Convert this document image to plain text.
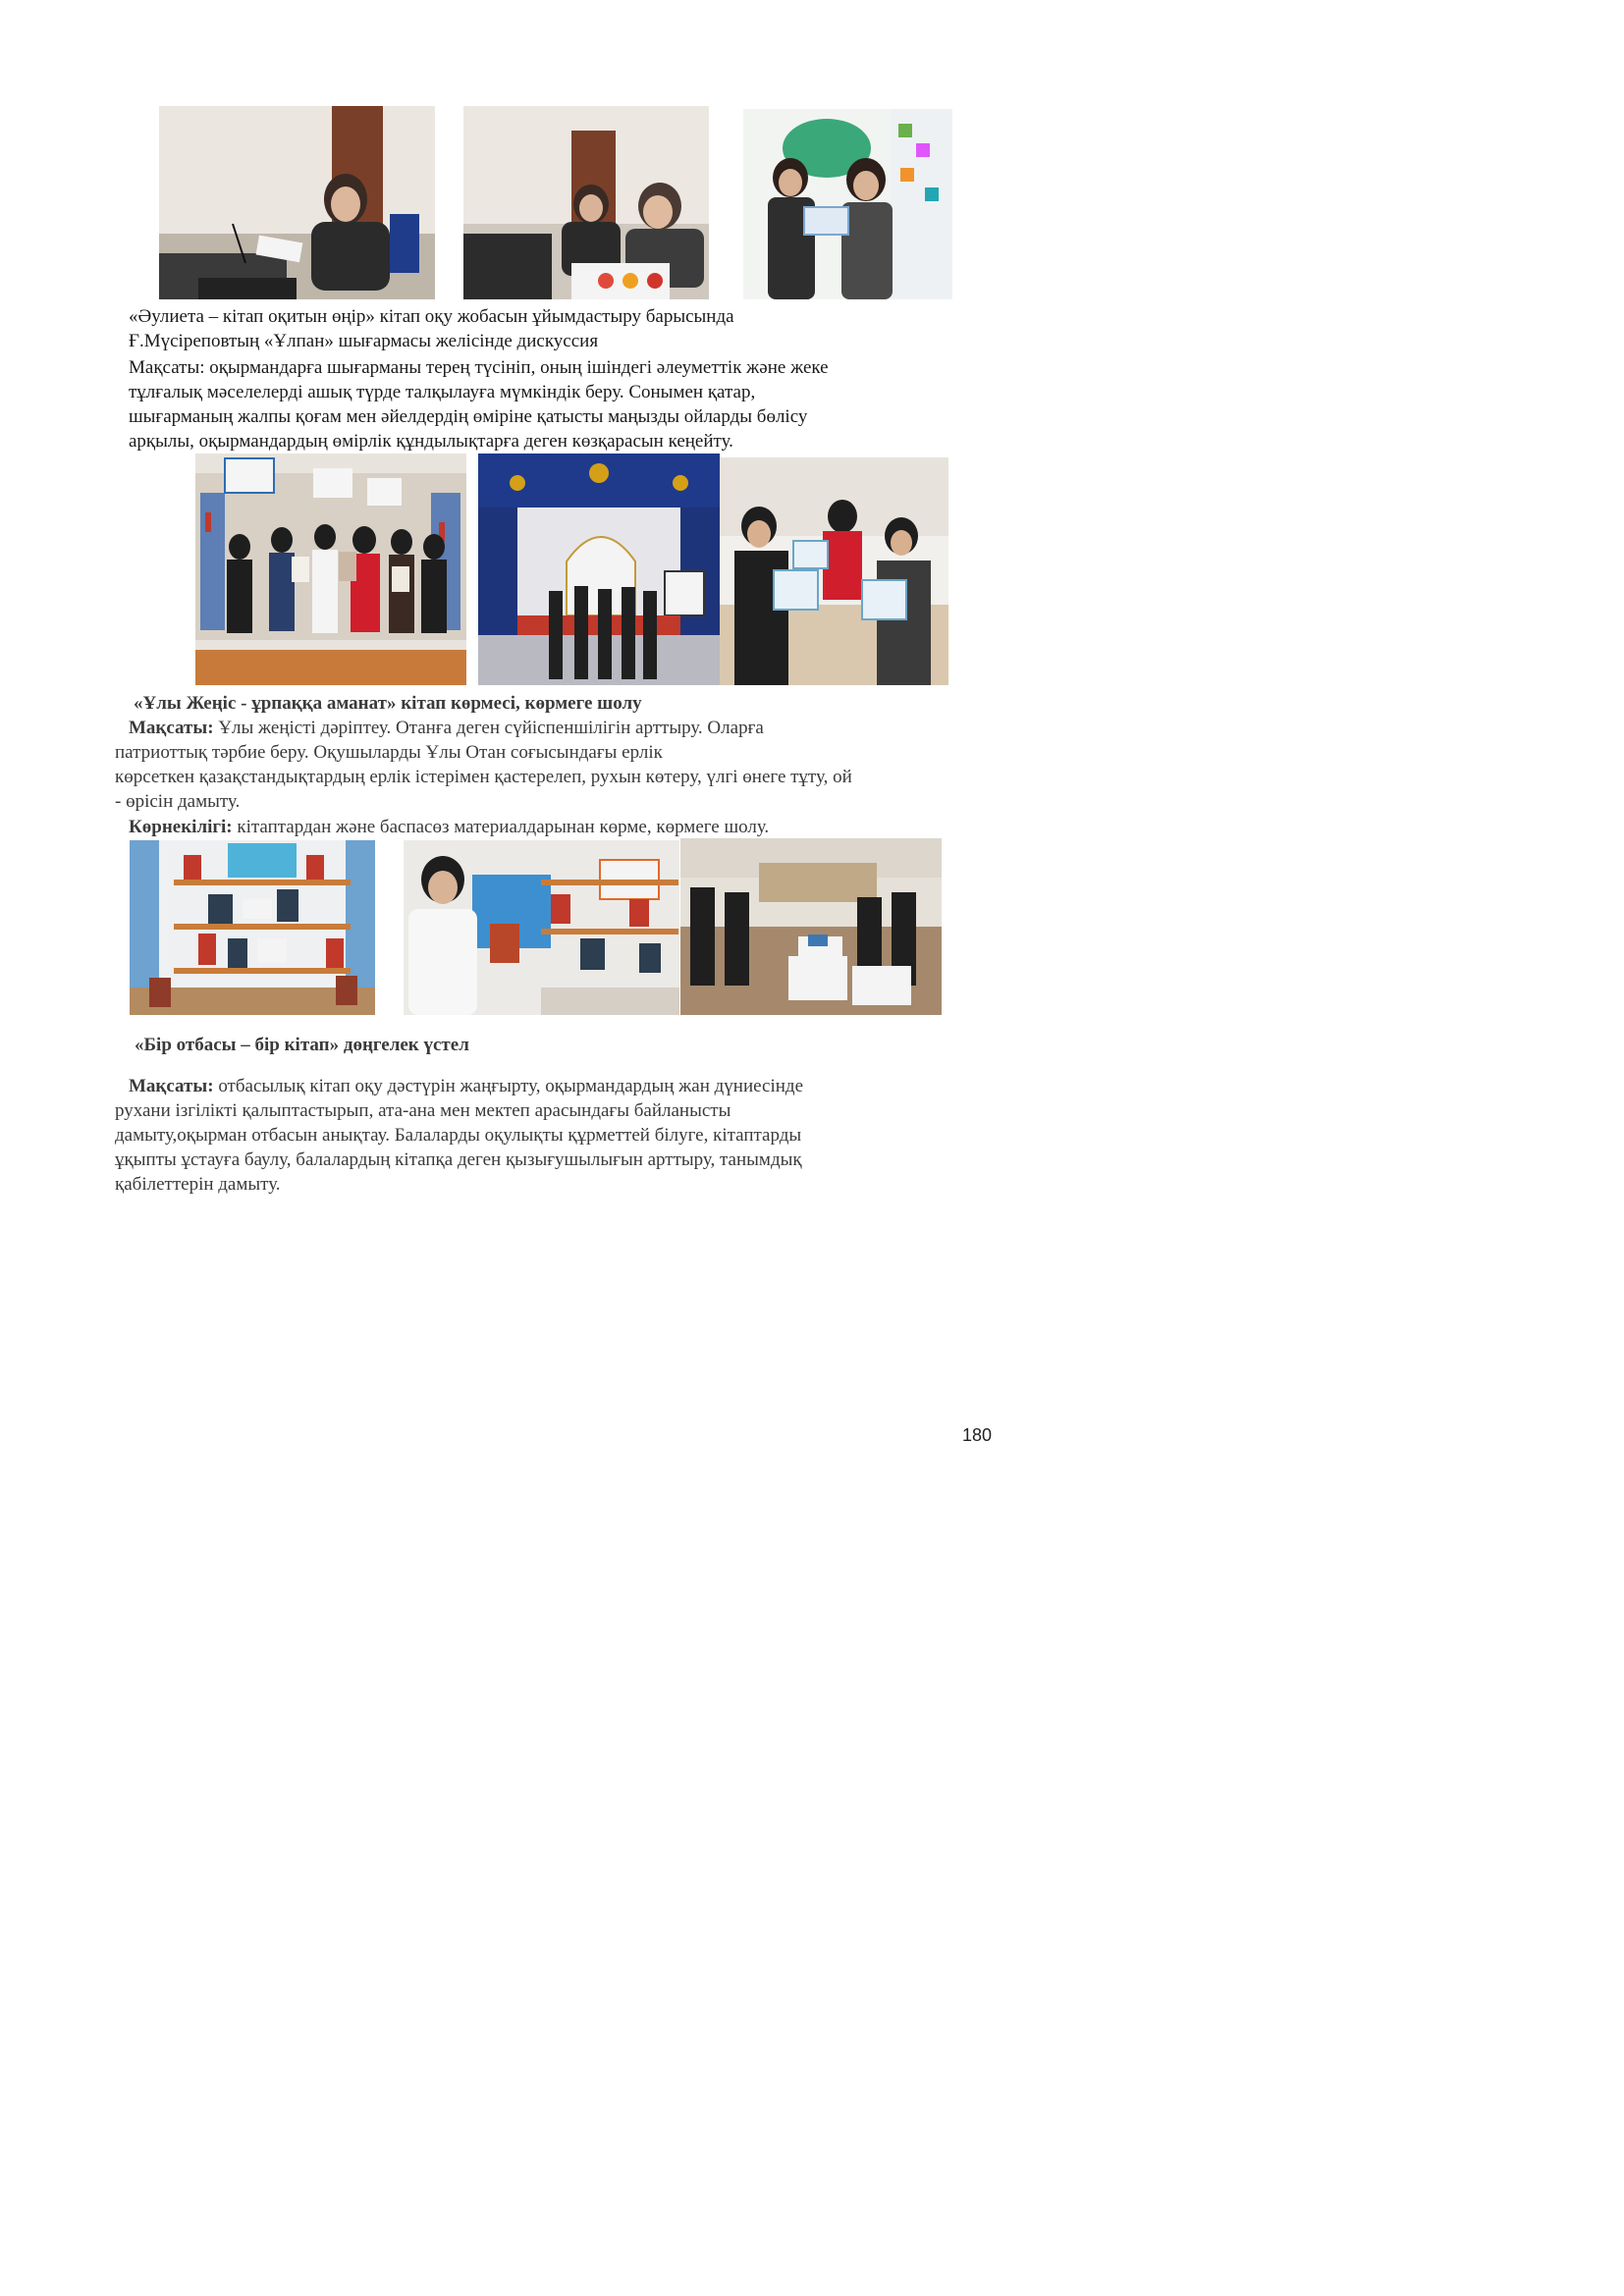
«Әулиета – кітап оқитын өңір» кітап оқу жобасын ұйымдастыру барысында

Ғ.Мүсіреповтың «Ұлпан» шығармасы желісінде дискуссия

Мақсаты: оқырмандарға шығарманы терең түсініп, оның ішіндегі әлеуметтік және жеке

тұлғалық мәселелерді ашық түрде талқылауға мүмкіндік беру. Сонымен қатар,

шығарманың жалпы қоғам мен әйелдердің өміріне қатысты маңызды ойларды бөлісу

арқылы, оқырмандардың өмірлік құндылықтарға деген көзқарасын кеңейту.

«Ұлы Жеңіс - ұрпаққа аманат» кітап көрмесі, көрмеге шолу

Мақсаты: Ұлы жеңісті дәріптеу. Отанға деген сүйіспеншілігін арттыру. Оларға

патриоттық тәрбие беру. Оқушыларды Ұлы Отан соғысындағы ерлік

көрсеткен қазақстандықтардың ерлік істерімен қастерелеп, рухын көтеру, үлгі өнеге тұту, ой

- өрісін дамыту.

Көрнекілігі: кітаптардан және баспасөз материалдарынан көрме, көрмеге шолу.

«Бір отбасы – бір кітап» дөңгелек үстел

Мақсаты: отбасылық кітап оқу дәстүрін жаңғырту, оқырмандардың жан дүниесінде

рухани ізгілікті қалыптастырып, ата-ана мен мектеп арасындағы байланысты

дамыту,оқырман отбасын анықтау. Балаларды оқулықты құрметтей білуге, кітаптарды

ұқыпты ұстауға баулу, балалардың кітапқа деген қызығушылығын арттыру, танымдық

қабілеттерін дамыту.

180
